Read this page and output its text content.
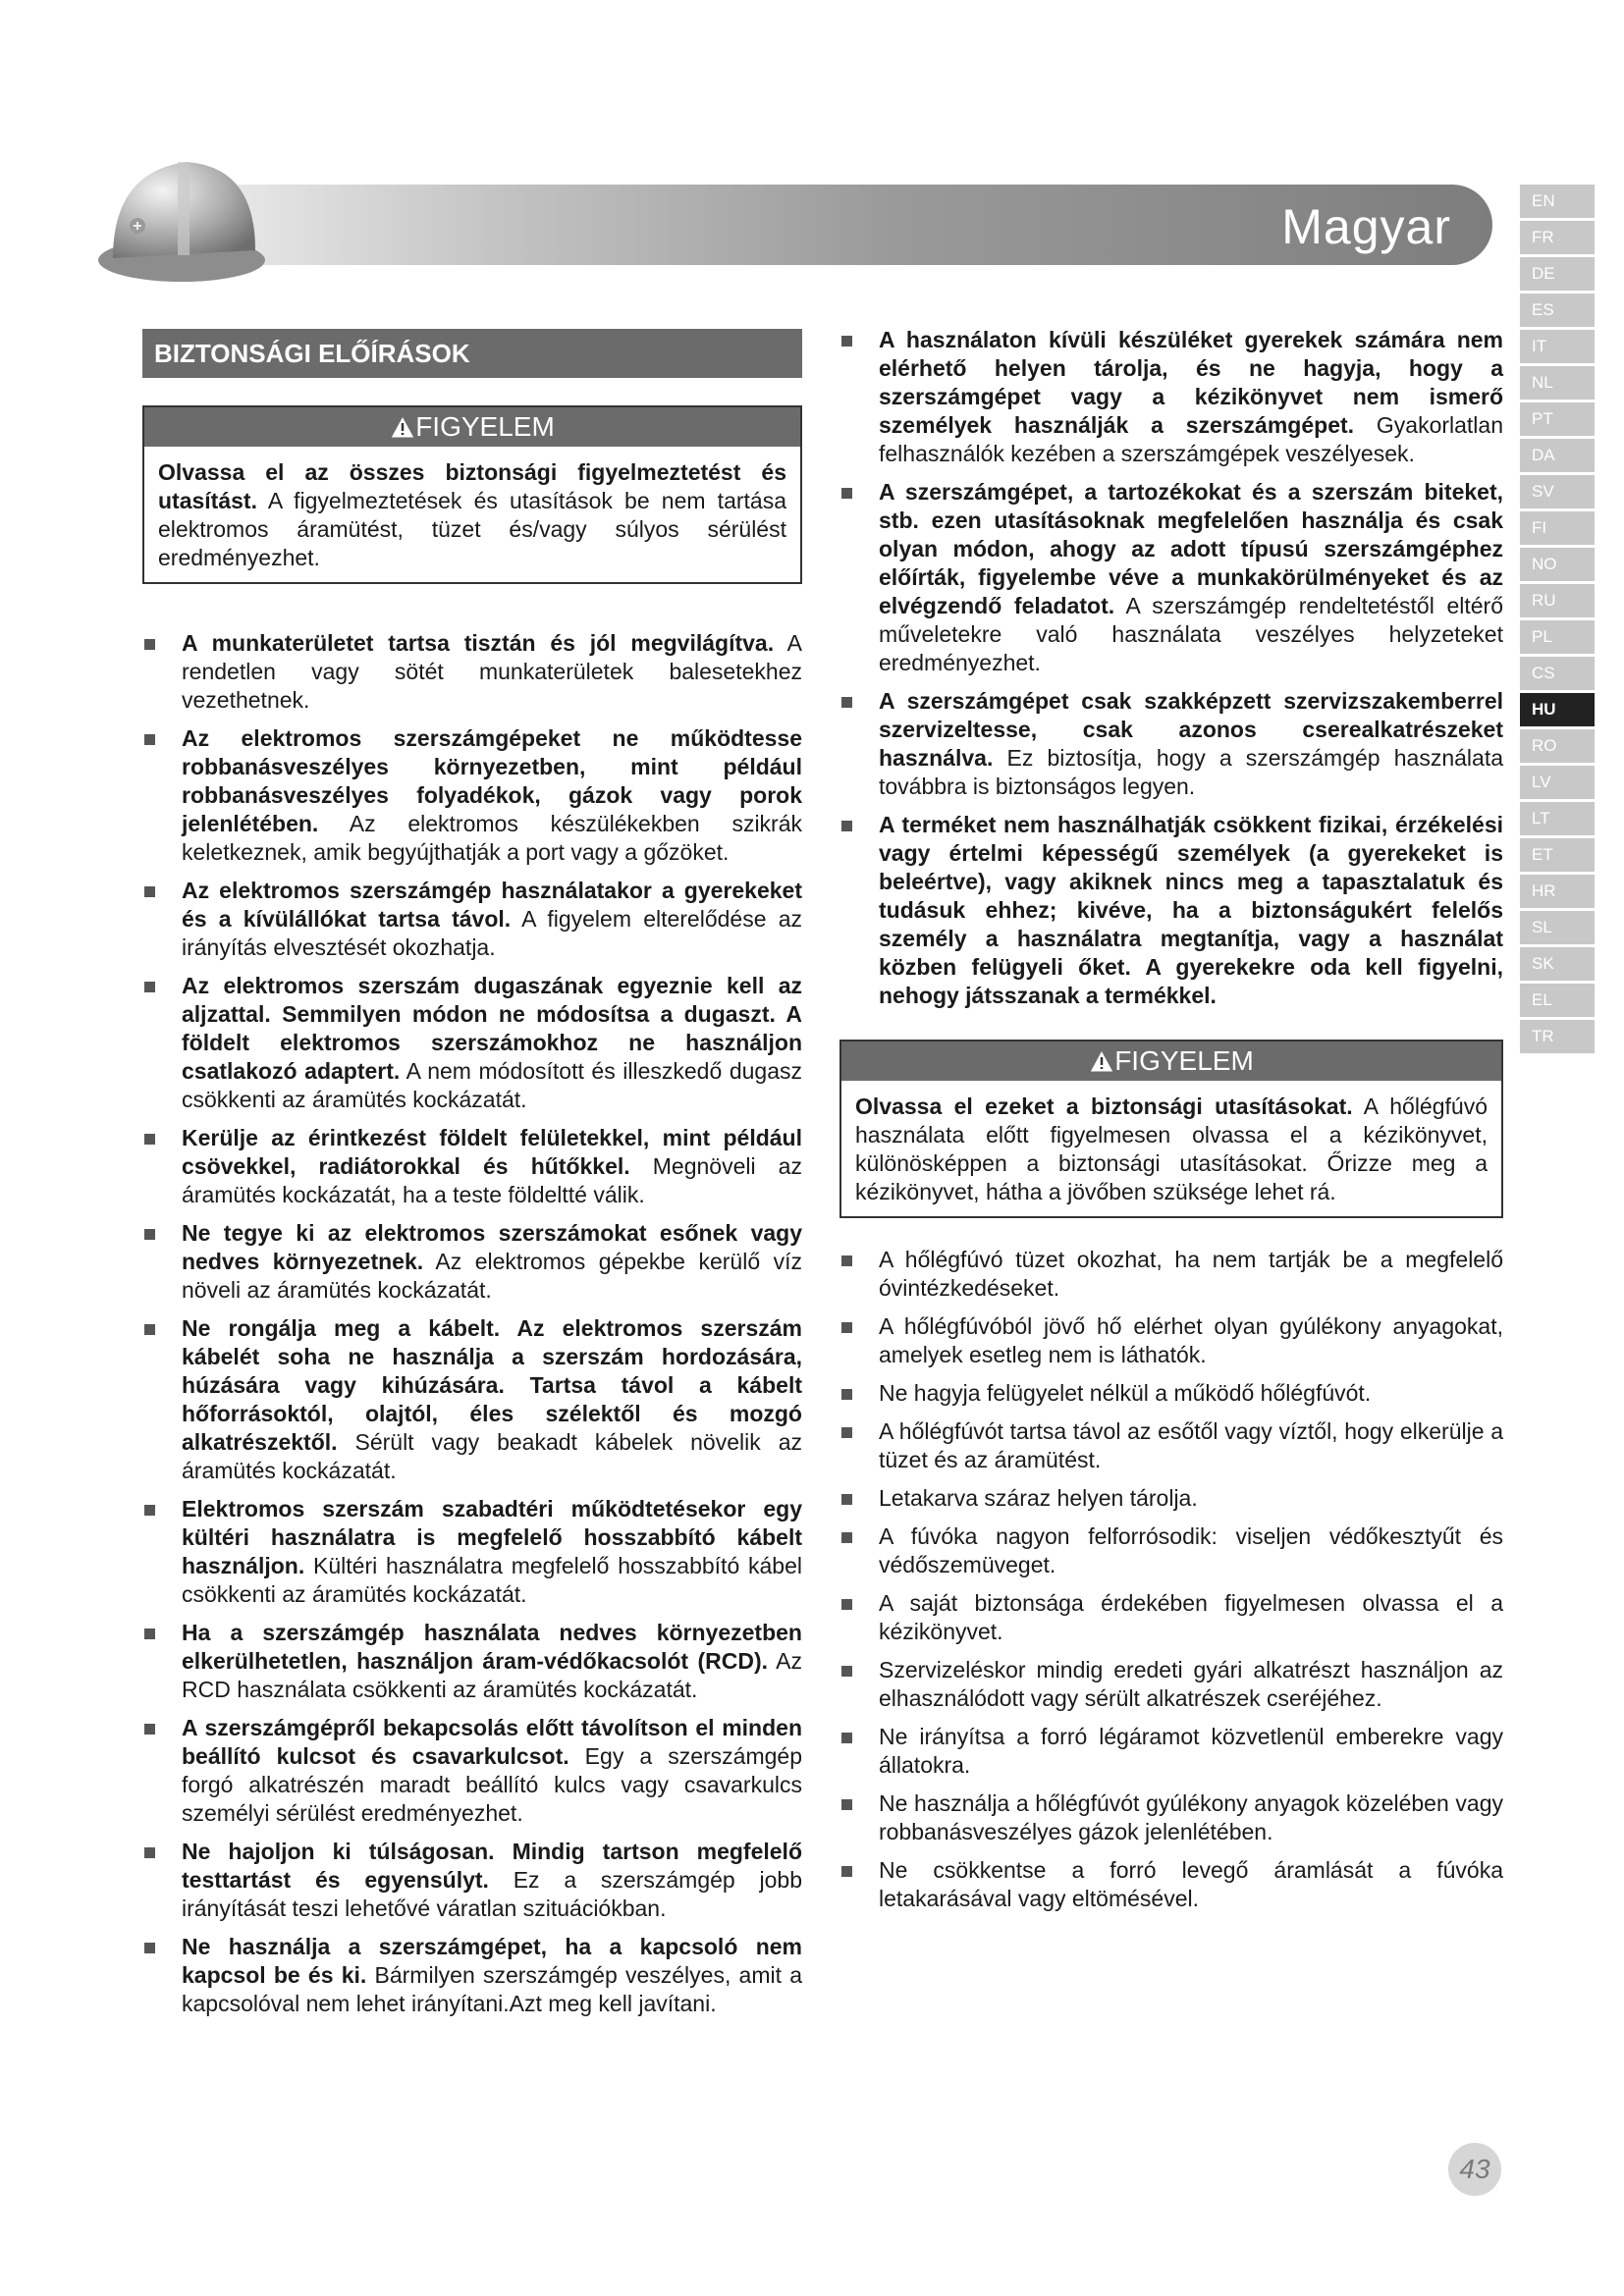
Magyar	EN
FR
DE
ES
IT
NL
PT
DA
SV
FI
NO
RU
PL
CS
HU
RO
LV
LT
ET
HR
SL
SK
EL
TR
BIZTONSÁGI ELŐÍRÁSOK
FIGYELEM
Olvassa el az összes biztonsági figyelmeztetést és utasítást. A figyelmeztetések és utasítások be nem tartása elektromos áramütést, tüzet és/vagy súlyos sérülést eredményezhet.
A munkaterületet tartsa tisztán és jól megvilágítva. A rendetlen vagy sötét munkaterületek balesetekhez vezethetnek.
Az elektromos szerszámgépeket ne működtesse robbanásveszélyes környezetben, mint például robbanásveszélyes folyadékok, gázok vagy porok jelenlétében. Az elektromos készülékekben szikrák keletkeznek, amik begyújthatják a port vagy a gőzöket.
Az elektromos szerszámgép használatakor a gyerekeket és a kívülállókat tartsa távol. A figyelem elterelődése az irányítás elvesztését okozhatja.
Az elektromos szerszám dugaszának egyeznie kell az aljzattal. Semmilyen módon ne módosítsa a dugaszt. A földelt elektromos szerszámokhoz ne használjon csatlakozó adaptert. A nem módosított és illeszkedő dugasz csökkenti az áramütés kockázatát.
Kerülje az érintkezést földelt felületekkel, mint például csövekkel, radiátorokkal és hűtőkkel. Megnöveli az áramütés kockázatát, ha a teste földeltté válik.
Ne tegye ki az elektromos szerszámokat esőnek vagy nedves környezetnek. Az elektromos gépekbe kerülő víz növeli az áramütés kockázatát.
Ne rongálja meg a kábelt. Az elektromos szerszám kábelét soha ne használja a szerszám hordozására, húzására vagy kihúzására. Tartsa távol a kábelt hőforrásoktól, olajtól, éles szélektől és mozgó alkatrészektől. Sérült vagy beakadt kábelek növelik az áramütés kockázatát.
Elektromos szerszám szabadtéri működtetésekor egy kültéri használatra is megfelelő hosszabbító kábelt használjon. Kültéri használatra megfelelő hosszabbító kábel csökkenti az áramütés kockázatát.
Ha a szerszámgép használata nedves környezetben elkerülhetetlen, használjon áram-védőkacsolót (RCD). Az RCD használata csökkenti az áramütés kockázatát.
A szerszámgépről bekapcsolás előtt távolítson el minden beállító kulcsot és csavarkulcsot. Egy a szerszámgép forgó alkatrészén maradt beállító kulcs vagy csavarkulcs személyi sérülést eredményezhet.
Ne hajoljon ki túlságosan. Mindig tartson megfelelő testtartást és egyensúlyt. Ez a szerszámgép jobb irányítását teszi lehetővé váratlan szituációkban.
Ne használja a szerszámgépet, ha a kapcsoló nem kapcsol be és ki. Bármilyen szerszámgép veszélyes, amit a kapcsolóval nem lehet irányítani.Azt meg kell javítani.
A használaton kívüli készüléket gyerekek számára nem elérhető helyen tárolja, és ne hagyja, hogy a szerszámgépet vagy a kézikönyvet nem ismerő személyek használják a szerszámgépet. Gyakorlatlan felhasználók kezében a szerszámgépek veszélyesek.
A szerszámgépet, a tartozékokat és a szerszám biteket, stb. ezen utasításoknak megfelelően használja és csak olyan módon, ahogy az adott típusú szerszámgéphez előírták, figyelembe véve a munkakörülményeket és az elvégzendő feladatot. A szerszámgép rendeltetéstől eltérő műveletekre való használata veszélyes helyzeteket eredményezhet.
A szerszámgépet csak szakképzett szervizszakemberrel szervizeltesse, csak azonos cserealkatrészeket használva. Ez biztosítja, hogy a szerszámgép használata továbbra is biztonságos legyen.
A terméket nem használhatják csökkent fizikai, érzékelési vagy értelmi képességű személyek (a gyerekeket is beleértve), vagy akiknek nincs meg a tapasztalatuk és tudásuk ehhez; kivéve, ha a biztonságukért felelős személy a használatra megtanítja, vagy a használat közben felügyeli őket. A gyerekekre oda kell figyelni, nehogy játsszanak a termékkel.
FIGYELEM
Olvassa el ezeket a biztonsági utasításokat. A hőlégfúvó használata előtt figyelmesen olvassa el a kézikönyvet, különösképpen a biztonsági utasításokat. Őrizze meg a kézikönyvet, hátha a jövőben szüksége lehet rá.
A hőlégfúvó tüzet okozhat, ha nem tartják be a megfelelő óvintézkedéseket.
A hőlégfúvóból jövő hő elérhet olyan gyúlékony anyagokat, amelyek esetleg nem is láthatók.
Ne hagyja felügyelet nélkül a működő hőlégfúvót.
A hőlégfúvót tartsa távol az esőtől vagy víztől, hogy elkerülje a tüzet és az áramütést.
Letakarva száraz helyen tárolja.
A fúvóka nagyon felforrósodik: viseljen védőkesztyűt és védőszemüveget.
A saját biztonsága érdekében figyelmesen olvassa el a kézikönyvet.
Szervizeléskor mindig eredeti gyári alkatrészt használjon az elhasználódott vagy sérült alkatrészek cseréjéhez.
Ne irányítsa a forró légáramot közvetlenül emberekre vagy állatokra.
Ne használja a hőlégfúvót gyúlékony anyagok közelében vagy robbanásveszélyes gázok jelenlétében.
Ne csökkentse a forró levegő áramlását a fúvóka letakarásával vagy eltömésével.
43
